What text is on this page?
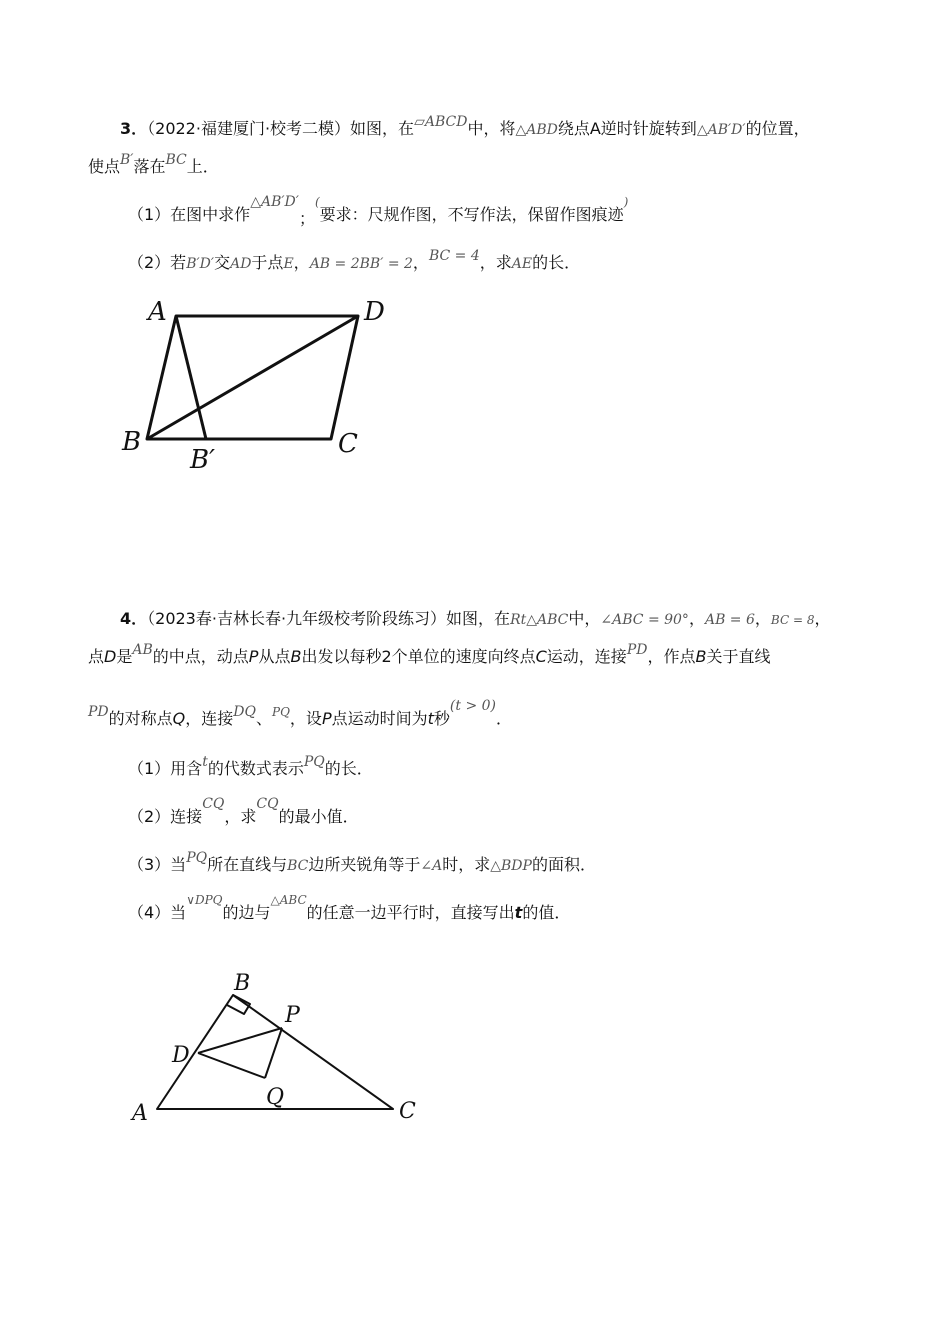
3．（2022·福建厦门·校考二模）如图，在▱ABCD中，将△ABD绕点A逆时针旋转到△AB′D′的位置，
使点B′落在BC上．
（1）在图中求作△AB′D′；(要求：尺规作图，不写作法，保留作图痕迹)
（2）若B′D′交AD于点E，AB = 2BB′ = 2，BC = 4，求AE的长．
A	D
B
B′
C
4．（2023春·吉林长春·九年级校考阶段练习）如图，在Rt△ABC中，∠ABC = 90°，AB = 6，BC = 8，
点D是AB的中点，动点P从点B出发以每秒2个单位的速度向终点C运动，连接PD，作点B关于直线
PD的对称点Q，连接DQ、$^{PQ}$，设P点运动时间为t秒(t > 0)．
（1）用含t的代数式表示PQ的长．
（2）连接CQ，求CQ的最小值．
（3）当PQ所在直线与BC边所夹锐角等于∠A时，求△BDP的面积．
（4）当$^{\vee DPQ}$的边与$^{\triangle ABC}$的任意一边平行时，直接写出t的值．
B
P
D
Q
A	C
